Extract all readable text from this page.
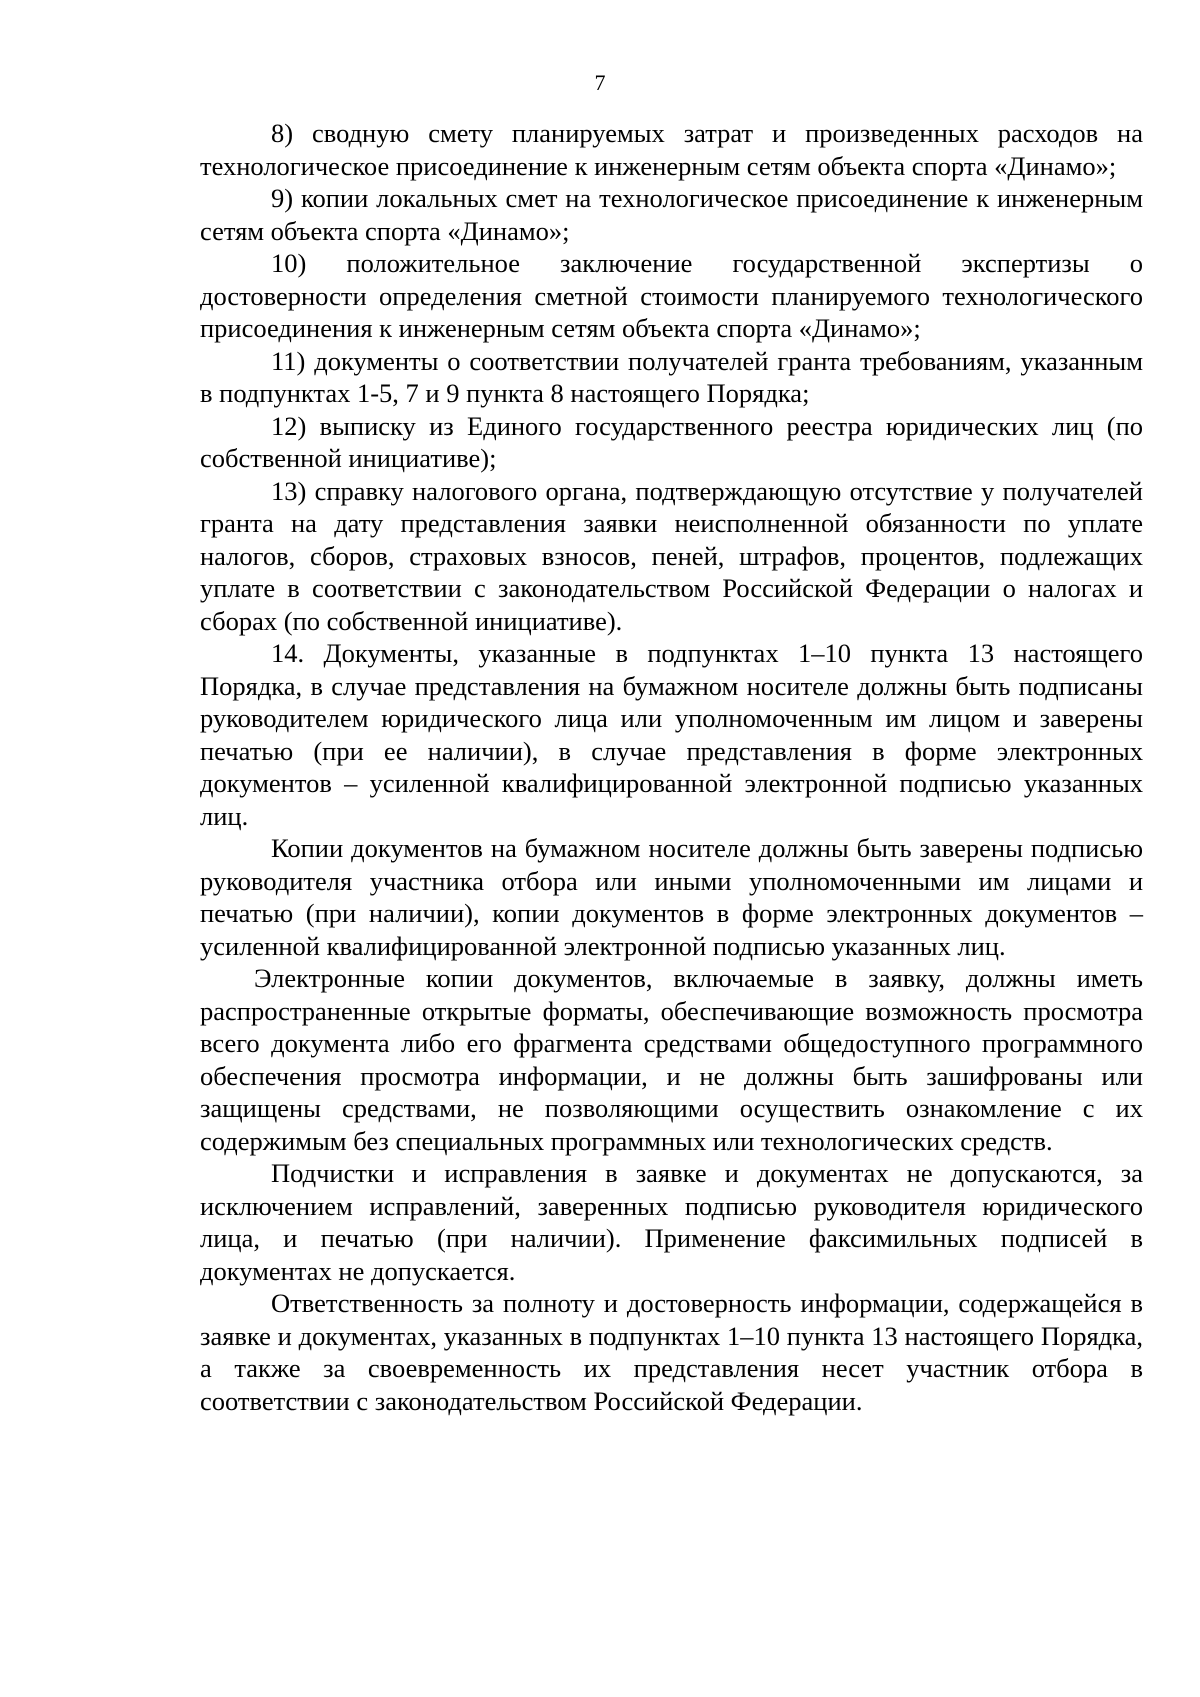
7

8) сводную смету планируемых затрат и произведенных расходов на технологическое присоединение к инженерным сетям объекта спорта «Динамо»;

9) копии локальных смет на технологическое присоединение к инженерным сетям объекта спорта «Динамо»;

10) положительное заключение государственной экспертизы о достоверности определения сметной стоимости планируемого технологического присоединения к инженерным сетям объекта спорта «Динамо»;

11) документы о соответствии получателей гранта требованиям, указанным в подпунктах 1-5, 7 и 9 пункта 8 настоящего Порядка;

12) выписку из Единого государственного реестра юридических лиц (по собственной инициативе);

13) справку налогового органа, подтверждающую отсутствие у получателей гранта на дату представления заявки неисполненной обязанности по уплате налогов, сборов, страховых взносов, пеней, штрафов, процентов, подлежащих уплате в соответствии с законодательством Российской Федерации о налогах и сборах (по собственной инициативе).

14. Документы, указанные в подпунктах 1–10 пункта 13 настоящего Порядка, в случае представления на бумажном носителе должны быть подписаны руководителем юридического лица или уполномоченным им лицом и заверены печатью (при ее наличии), в случае представления в форме электронных документов – усиленной квалифицированной электронной подписью указанных лиц.

Копии документов на бумажном носителе должны быть заверены подписью руководителя участника отбора или иными уполномоченными им лицами и печатью (при наличии), копии документов в форме электронных документов – усиленной квалифицированной электронной подписью указанных лиц.

Электронные копии документов, включаемые в заявку, должны иметь распространенные открытые форматы, обеспечивающие возможность просмотра всего документа либо его фрагмента средствами общедоступного программного обеспечения просмотра информации, и не должны быть зашифрованы или защищены средствами, не позволяющими осуществить ознакомление с их содержимым без специальных программных или технологических средств.

Подчистки и исправления в заявке и документах не допускаются, за исключением исправлений, заверенных подписью руководителя юридического лица, и печатью (при наличии). Применение факсимильных подписей в документах не допускается.

Ответственность за полноту и достоверность информации, содержащейся в заявке и документах, указанных в подпунктах 1–10 пункта 13 настоящего Порядка, а также за своевременность их представления несет участник отбора в соответствии с законодательством Российской Федерации.
